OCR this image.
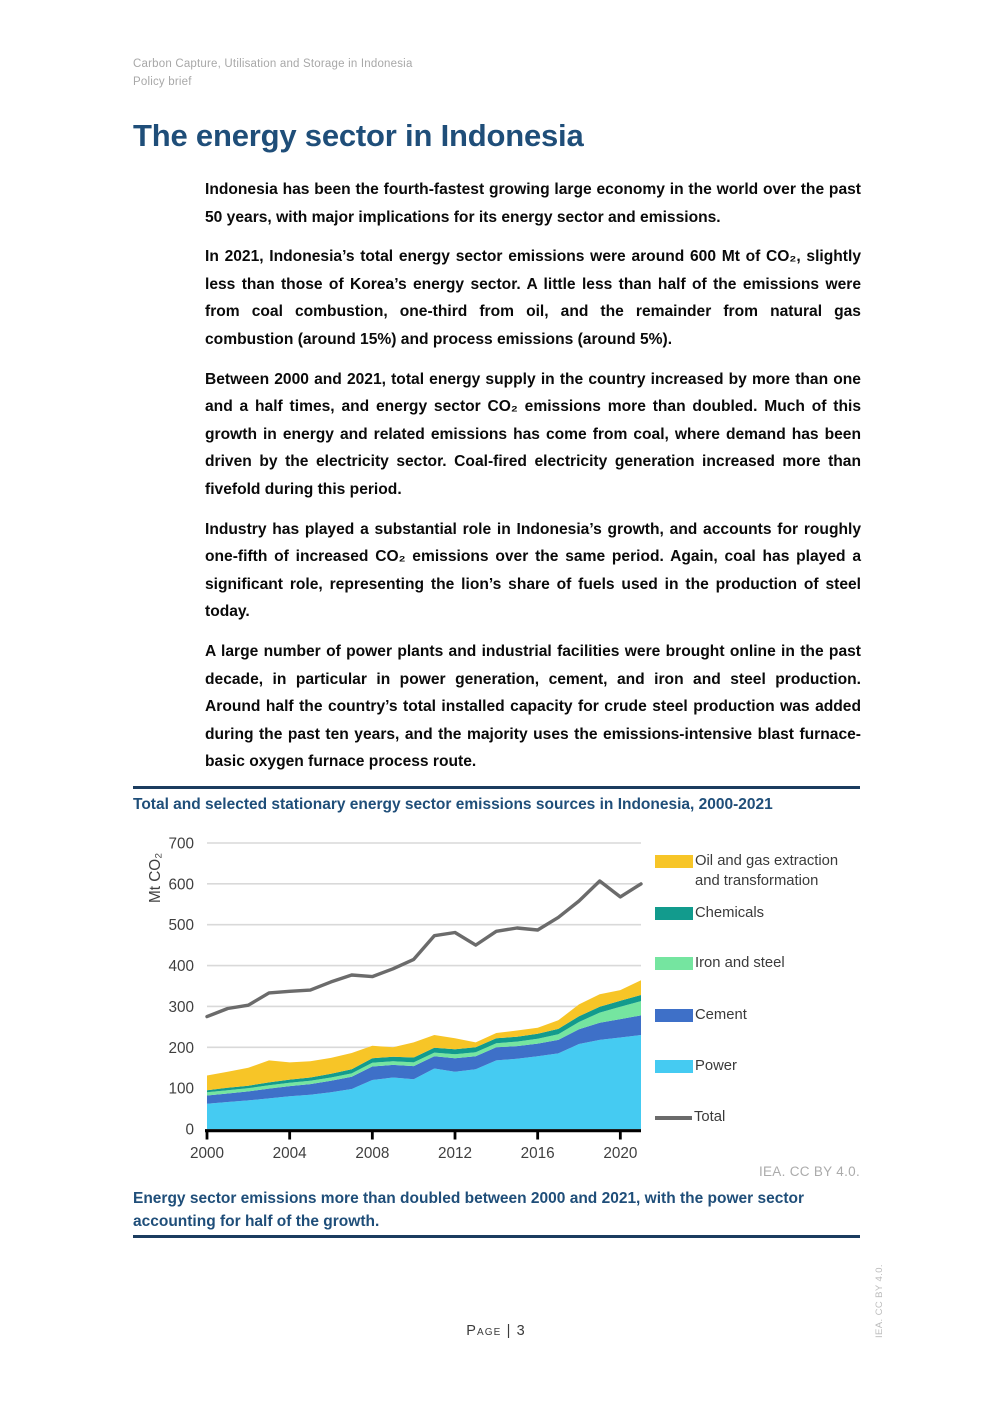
Carbon Capture, Utilisation and Storage in Indonesia
Policy brief
The energy sector in Indonesia

Indonesia has been the fourth-fastest growing large economy in the world over the past 50 years, with major implications for its energy sector and emissions.

In 2021, Indonesia’s total energy sector emissions were around 600 Mt of CO₂, slightly less than those of Korea’s energy sector. A little less than half of the emissions were from coal combustion, one-third from oil, and the remainder from natural gas combustion (around 15%) and process emissions (around 5%).

Between 2000 and 2021, total energy supply in the country increased by more than one and a half times, and energy sector CO₂ emissions more than doubled. Much of this growth in energy and related emissions has come from coal, where demand has been driven by the electricity sector. Coal-fired electricity generation increased more than fivefold during this period.

Industry has played a substantial role in Indonesia’s growth, and accounts for roughly one-fifth of increased CO₂ emissions over the same period. Again, coal has played a significant role, representing the lion’s share of fuels used in the production of steel today.

A large number of power plants and industrial facilities were brought online in the past decade, in particular in power generation, cement, and iron and steel production. Around half the country’s total installed capacity for crude steel production was added during the past ten years, and the majority uses the emissions-intensive blast furnace-basic oxygen furnace process route.

Total and selected stationary energy sector emissions sources in Indonesia, 2000-2021
0
100
200
300
400
500
600
700
Mt CO₂
2000	2004	2008	2012	2016	2020
Oil and gas extraction and transformation
Chemicals
Iron and steel
Cement
Power
Total
IEA. CC BY 4.0.
Energy sector emissions more than doubled between 2000 and 2021, with the power sector accounting for half of the growth.
Page | 3	IEA. CC BY 4.0.
